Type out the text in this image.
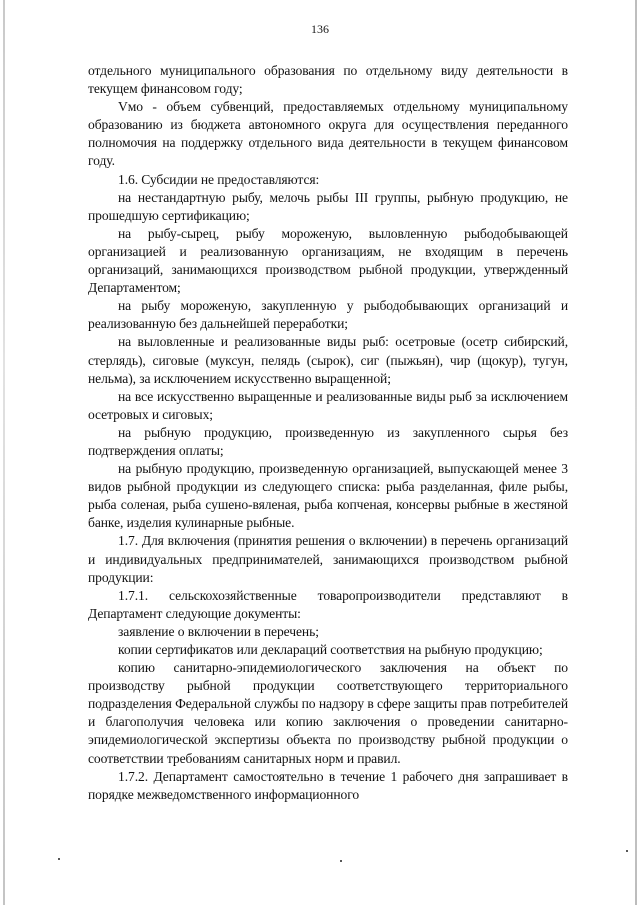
136

отдельного муниципального образования по отдельному виду деятельности в текущем финансовом году;

Vмо - объем субвенций, предоставляемых отдельному муниципальному образованию из бюджета автономного округа для осуществления переданного полномочия на поддержку отдельного вида деятельности в текущем финансовом году.

1.6. Субсидии не предоставляются:

на нестандартную рыбу, мелочь рыбы III группы, рыбную продукцию, не прошедшую сертификацию;

на рыбу-сырец, рыбу мороженую, выловленную рыбодобывающей организацией и реализованную организациям, не входящим в перечень организаций, занимающихся производством рыбной продукции, утвержденный Департаментом;

на рыбу мороженую, закупленную у рыбодобывающих организаций и реализованную без дальнейшей переработки;

на выловленные и реализованные виды рыб: осетровые (осетр сибирский, стерлядь), сиговые (муксун, пелядь (сырок), сиг (пыжьян), чир (щокур), тугун, нельма), за исключением искусственно выращенной;

на все искусственно выращенные и реализованные виды рыб за исключением осетровых и сиговых;

на рыбную продукцию, произведенную из закупленного сырья без подтверждения оплаты;

на рыбную продукцию, произведенную организацией, выпускающей менее 3 видов рыбной продукции из следующего списка: рыба разделанная, филе рыбы, рыба соленая, рыба сушено-вяленая, рыба копченая, консервы рыбные в жестяной банке, изделия кулинарные рыбные.

1.7. Для включения (принятия решения о включении) в перечень организаций и индивидуальных предпринимателей, занимающихся производством рыбной продукции:

1.7.1. сельскохозяйственные товаропроизводители представляют в Департамент следующие документы:

заявление о включении в перечень;

копии сертификатов или деклараций соответствия на рыбную продукцию;

копию санитарно-эпидемиологического заключения на объект по производству рыбной продукции соответствующего территориального подразделения Федеральной службы по надзору в сфере защиты прав потребителей и благополучия человека или копию заключения о проведении санитарно-эпидемиологической экспертизы объекта по производству рыбной продукции о соответствии требованиям санитарных норм и правил.

1.7.2. Департамент самостоятельно в течение 1 рабочего дня запрашивает в порядке межведомственного информационного
